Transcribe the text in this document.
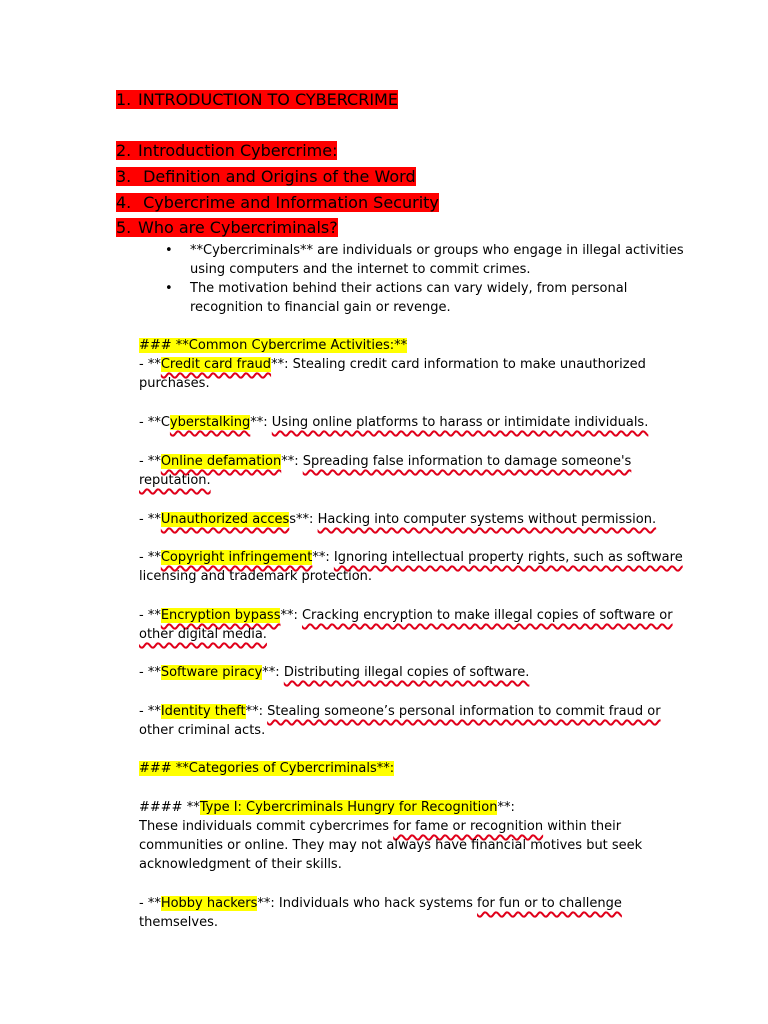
1. INTRODUCTION TO CYBERCRIME
2. Introduction Cybercrime:
3. Definition and Origins of the Word
4. Cybercrime and Information Security
5. Who are Cybercriminals?
• **Cybercriminals** are individuals or groups who engage in illegal activities
using computers and the internet to commit crimes.
• The motivation behind their actions can vary widely, from personal
recognition to financial gain or revenge.
### **Common Cybercrime Activities:**
- **Credit card fraud**: Stealing credit card information to make unauthorized
purchases.
- **Cyberstalking**: Using online platforms to harass or intimidate individuals.
- **Online defamation**: Spreading false information to damage someone's
reputation.
- **Unauthorized access**: Hacking into computer systems without permission.
- **Copyright infringement**: Ignoring intellectual property rights, such as software
licensing and trademark protection.
- **Encryption bypass**: Cracking encryption to make illegal copies of software or
other digital media.
- **Software piracy**: Distributing illegal copies of software.
- **Identity theft**: Stealing someone’s personal information to commit fraud or
other criminal acts.
### **Categories of Cybercriminals**:
#### **Type I: Cybercriminals Hungry for Recognition**:
These individuals commit cybercrimes for fame or recognition within their
communities or online. They may not always have financial motives but seek
acknowledgment of their skills.
- **Hobby hackers**: Individuals who hack systems for fun or to challenge
themselves.
